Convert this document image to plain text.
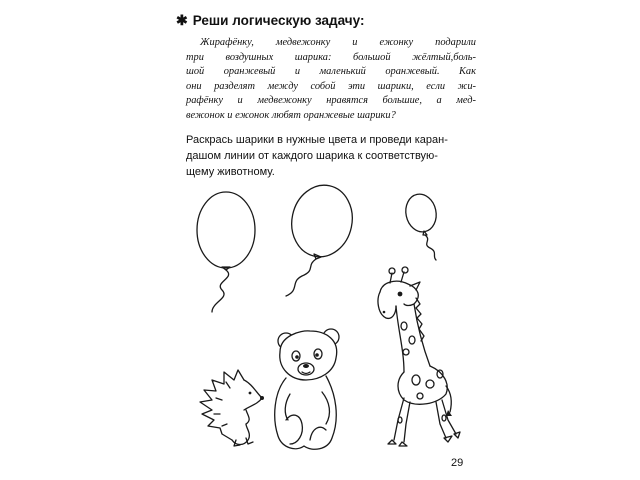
✱ Реши логическую задачу:
Жирафёнку, медвежонку и ежонку подарили
три воздушных шарика: большой жёлтый,боль-
шой оранжевый и маленький оранжевый. Как
они разделят между собой эти шарики, если жи-
рафёнку и медвежонку нравятся большие, а мед-
вежонок и ежонок любят оранжевые шарики?
Раскрась шарики в нужные цвета и проведи каран-
дашом линии от каждого шарика к соответствую-
щему животному.
29
